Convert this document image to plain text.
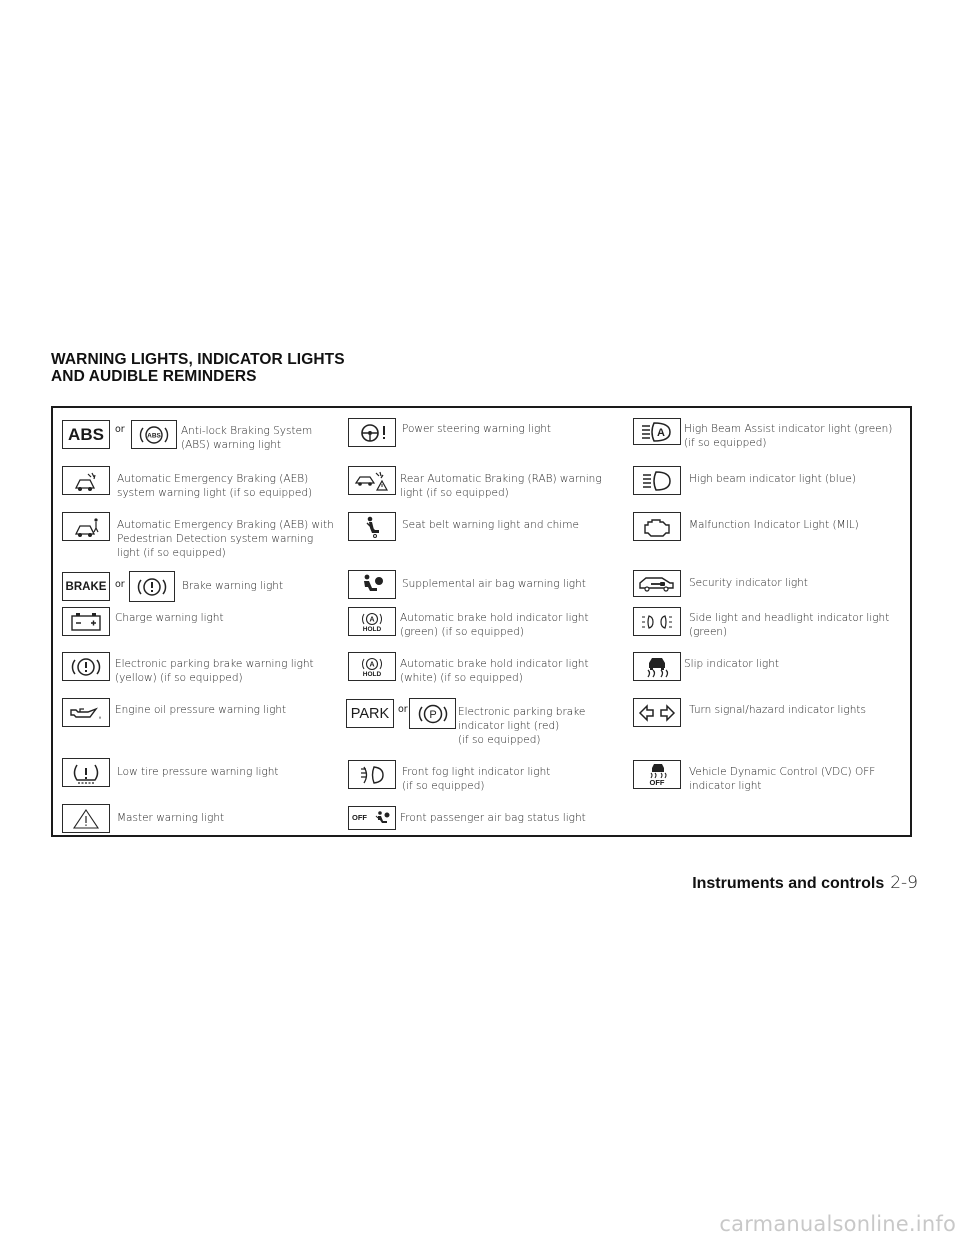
WARNING LIGHTS, INDICATOR LIGHTS
AND AUDIBLE REMINDERS
ABS or
ABS Anti-lock Braking System
(ABS) warning light
Automatic Emergency Braking (AEB)
system warning light (if so equipped)
Automatic Emergency Braking (AEB) with
Pedestrian Detection system warning
light (if so equipped)
BRAKE or	Brake warning light
Charge warning light
Electronic parking brake warning light
(yellow) (if so equipped)
Engine oil pressure warning light
Low tire pressure warning light
Master warning light
Power steering warning light
Rear Automatic Braking (RAB) warning
light (if so equipped)
Seat belt warning light and chime
Supplemental air bag warning light
A
HOLD
Automatic brake hold indicator light
(green) (if so equipped)
A
HOLD
Automatic brake hold indicator light
(white) (if so equipped)
PARK or P Electronic parking brake
indicator light (red)
(if so equipped)
Front fog light indicator light
(if so equipped)
OFF	Front passenger air bag status light
A High Beam Assist indicator light (green)
(if so equipped)
High beam indicator light (blue)
Malfunction Indicator Light (MIL)
Security indicator light
Side light and headlight indicator light
(green)
Slip indicator light
Turn signal/hazard indicator lights
OFF
Vehicle Dynamic Control (VDC) OFF
indicator light
Instruments and controls 2-9
carmanualsonline.info
